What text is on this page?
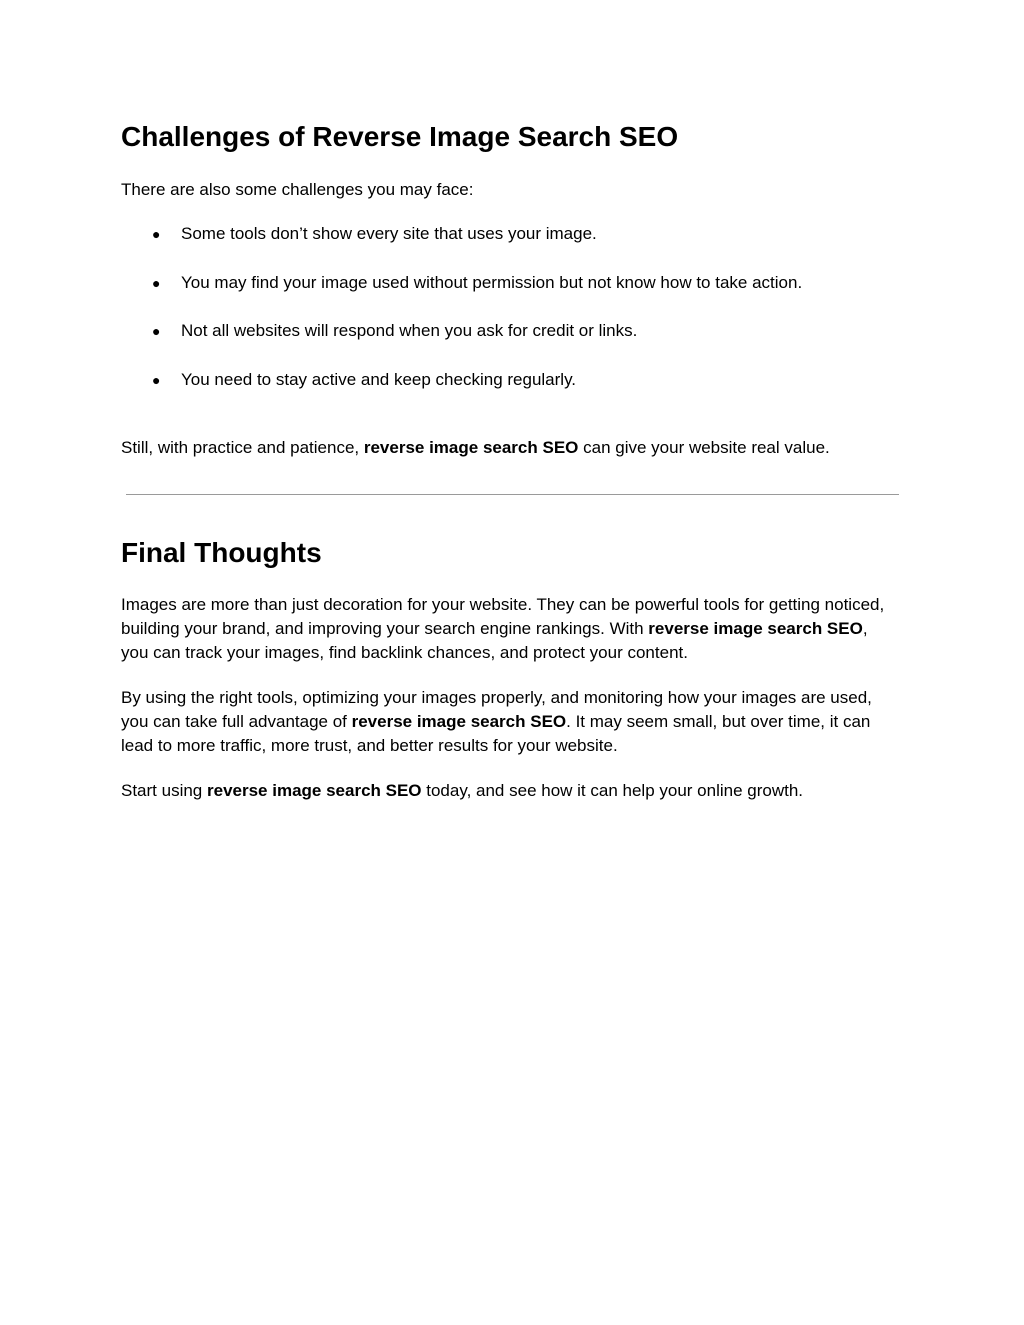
Challenges of Reverse Image Search SEO

There are also some challenges you may face:

● Some tools don’t show every site that uses your image.
● You may find your image used without permission but not know how to take action.
● Not all websites will respond when you ask for credit or links.
● You need to stay active and keep checking regularly.

Still, with practice and patience, reverse image search SEO can give your website real value.

Final Thoughts

Images are more than just decoration for your website. They can be powerful tools for getting noticed, building your brand, and improving your search engine rankings. With reverse image search SEO, you can track your images, find backlink chances, and protect your content.

By using the right tools, optimizing your images properly, and monitoring how your images are used, you can take full advantage of reverse image search SEO. It may seem small, but over time, it can lead to more traffic, more trust, and better results for your website.

Start using reverse image search SEO today, and see how it can help your online growth.
